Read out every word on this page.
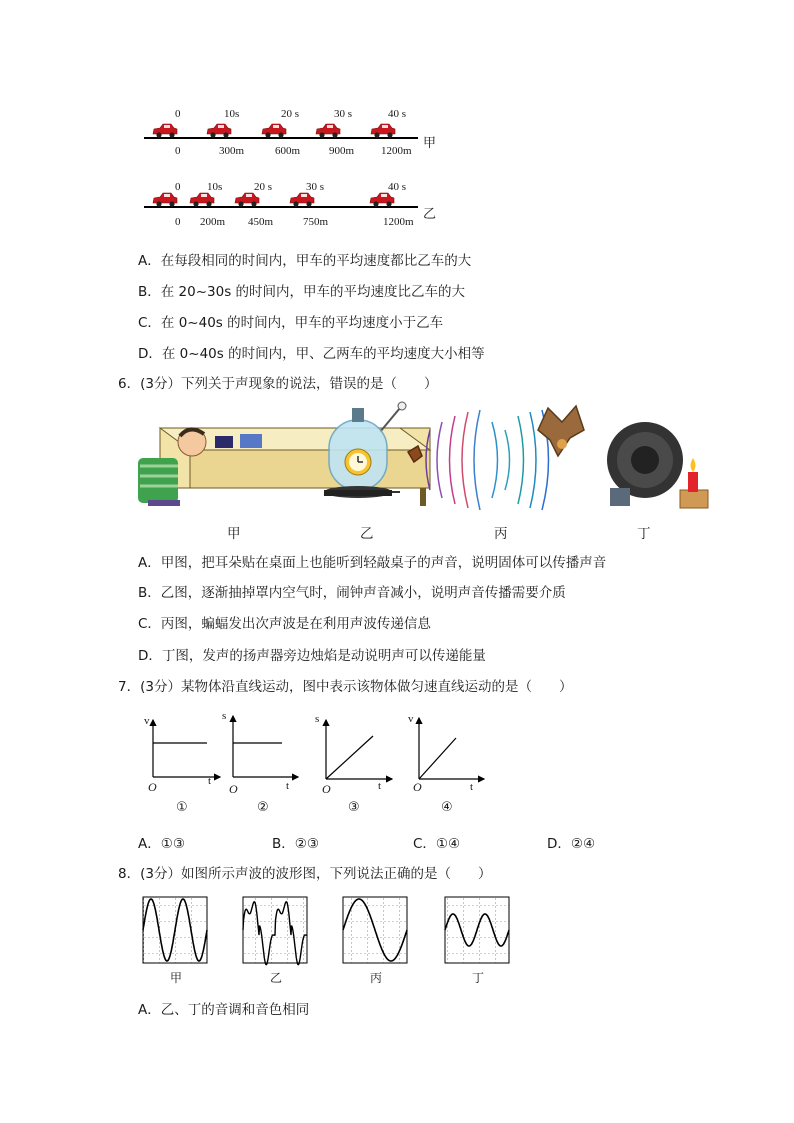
0	10s	20 s	30 s	40 s
0	300m	600m	900m 1200m 甲
0 10s	20 s	30 s	40 s
0 200m 450m	750m	1200m 乙
A．在每段相同的时间内，甲车的平均速度都比乙车的大
B．在 20~30s 的时间内，甲车的平均速度比乙车的大
C．在 0~40s 的时间内，甲车的平均速度小于乙车
D．在 0~40s 的时间内，甲、乙两车的平均速度大小相等
6．(3分）下列关于声现象的说法，错误的是（　　）
甲	乙	丙	丁
A．甲图，把耳朵贴在桌面上也能听到轻敲桌子的声音，说明固体可以传播声音
B．乙图，逐渐抽掉罩内空气时，闹钟声音减小，说明声音传播需要介质
C．丙图，蝙蝠发出次声波是在利用声波传递信息
D．丁图，发声的扬声器旁边烛焰是动说明声可以传递能量
7．(3分）某物体沿直线运动，图中表示该物体做匀速直线运动的是（　　）
v
t
O
①
s
t
O
②
s
t
O
③
v
t
O
④
A．①③	B．②③	C．①④	D．②④
8．(3分）如图所示声波的波形图，下列说法正确的是（　　）
甲	乙	丙	丁
A．乙、丁的音调和音色相同
